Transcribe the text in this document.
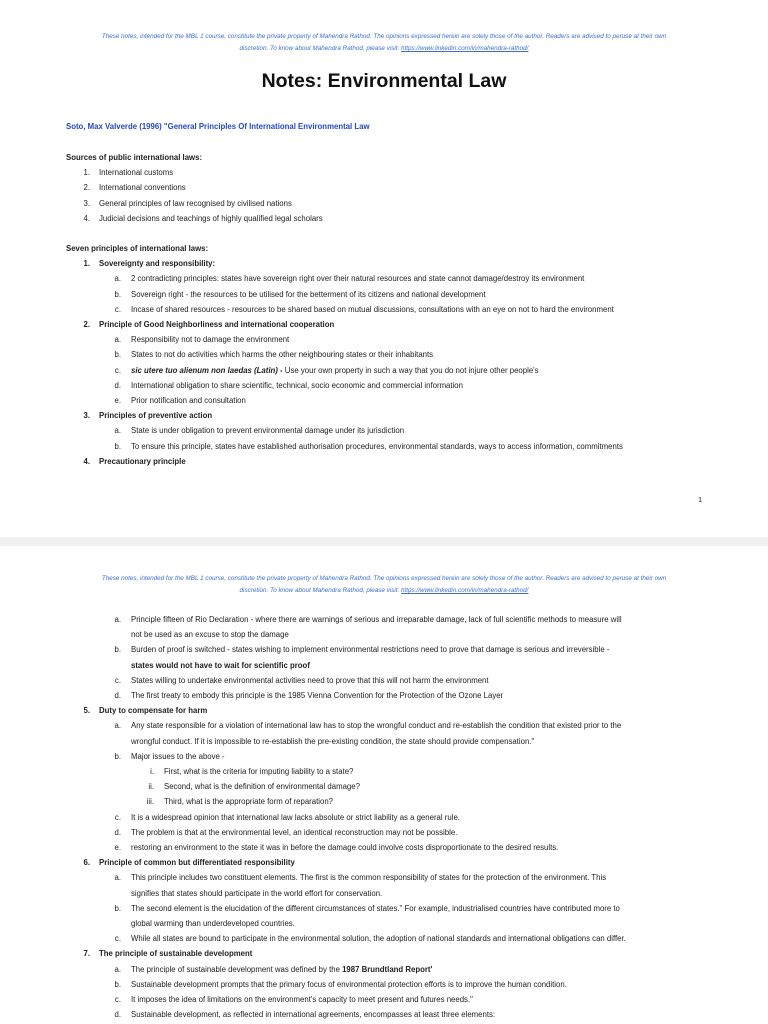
These notes, intended for the MBL 1 course, constitute the private property of Mahendra Rathod. The opinions expressed herein are solely those of the author. Readers are advised to peruse at their own
discretion. To know about Mahendra Rathod, please visit: https://www.linkedin.com/in/mahendra-rathod/
Notes: Environmental Law
Soto, Max Valverde (1996) "General Principles Of International Environmental Law
Sources of public international laws:
1. International customs
2. International conventions
3. General principles of law recognised by civilised nations
4. Judicial decisions and teachings of highly qualified legal scholars
Seven principles of international laws:
1. Sovereignty and responsibility:
a. 2 contradicting principles: states have sovereign right over their natural resources and state cannot damage/destroy its environment
b. Sovereign right - the resources to be utilised for the betterment of its citizens and national development
c. Incase of shared resources - resources to be shared based on mutual discussions, consultations with an eye on not to hard the environment
2. Principle of Good Neighborliness and international cooperation
a. Responsibility not to damage the environment
b. States to not do activities which harms the other neighbouring states or their inhabitants
c. sic utere tuo alienum non laedas (Latin) - Use your own property in such a way that you do not injure other people's
d. International obligation to share scientific, technical, socio economic and commercial information
e. Prior notification and consultation
3. Principles of preventive action
a. State is under obligation to prevent environmental damage under its jurisdiction
b. To ensure this principle, states have established authorisation procedures, environmental standards, ways to access information, commitments
4. Precautionary principle
1
These notes, intended for the MBL 1 course, constitute the private property of Mahendra Rathod. The opinions expressed herein are solely those of the author. Readers are advised to peruse at their own
discretion. To know about Mahendra Rathod, please visit: https://www.linkedin.com/in/mahendra-rathod/
a. Principle fifteen of Rio Declaration - where there are warnings of serious and irreparable damage, lack of full scientific methods to measure will
not be used as an excuse to stop the damage
b. Burden of proof is switched - states wishing to implement environmental restrictions need to prove that damage is serious and irreversible -
states would not have to wait for scientific proof
c. States willing to undertake environmental activities need to prove that this will not harm the environment
d. The first treaty to embody this principle is the 1985 Vienna Convention for the Protection of the Ozone Layer
5. Duty to compensate for harm
a. Any state responsible for a violation of international law has to stop the wrongful conduct and re-establish the condition that existed prior to the
wrongful conduct. If it is impossible to re-establish the pre-existing condition, the state should provide compensation."
b. Major issues to the above -
i. First, what is the criteria for imputing liability to a state?
ii. Second, what is the definition of environmental damage?
iii. Third, what is the appropriate form of reparation?
c. It is a widespread opinion that international law lacks absolute or strict liability as a general rule.
d. The problem is that at the environmental level, an identical reconstruction may not be possible.
e. restoring an environment to the state it was in before the damage could involve costs disproportionate to the desired results.
6. Principle of common but differentiated responsibility
a. This principle includes two constituent elements. The first is the common responsibility of states for the protection of the environment. This
signifies that states should participate in the world effort for conservation.
b. The second element is the elucidation of the different circumstances of states." For example, industrialised countries have contributed more to
global warming than underdeveloped countries.
c. While all states are bound to participate in the environmental solution, the adoption of national standards and international obligations can differ.
7. The principle of sustainable development
a. The principle of sustainable development was defined by the 1987 Brundtland Report'
b. Sustainable development prompts that the primary focus of environmental protection efforts is to improve the human condition.
c. It imposes the idea of limitations on the environment's capacity to meet present and futures needs."
d. Sustainable development, as reflected in international agreements, encompasses at least three elements:
